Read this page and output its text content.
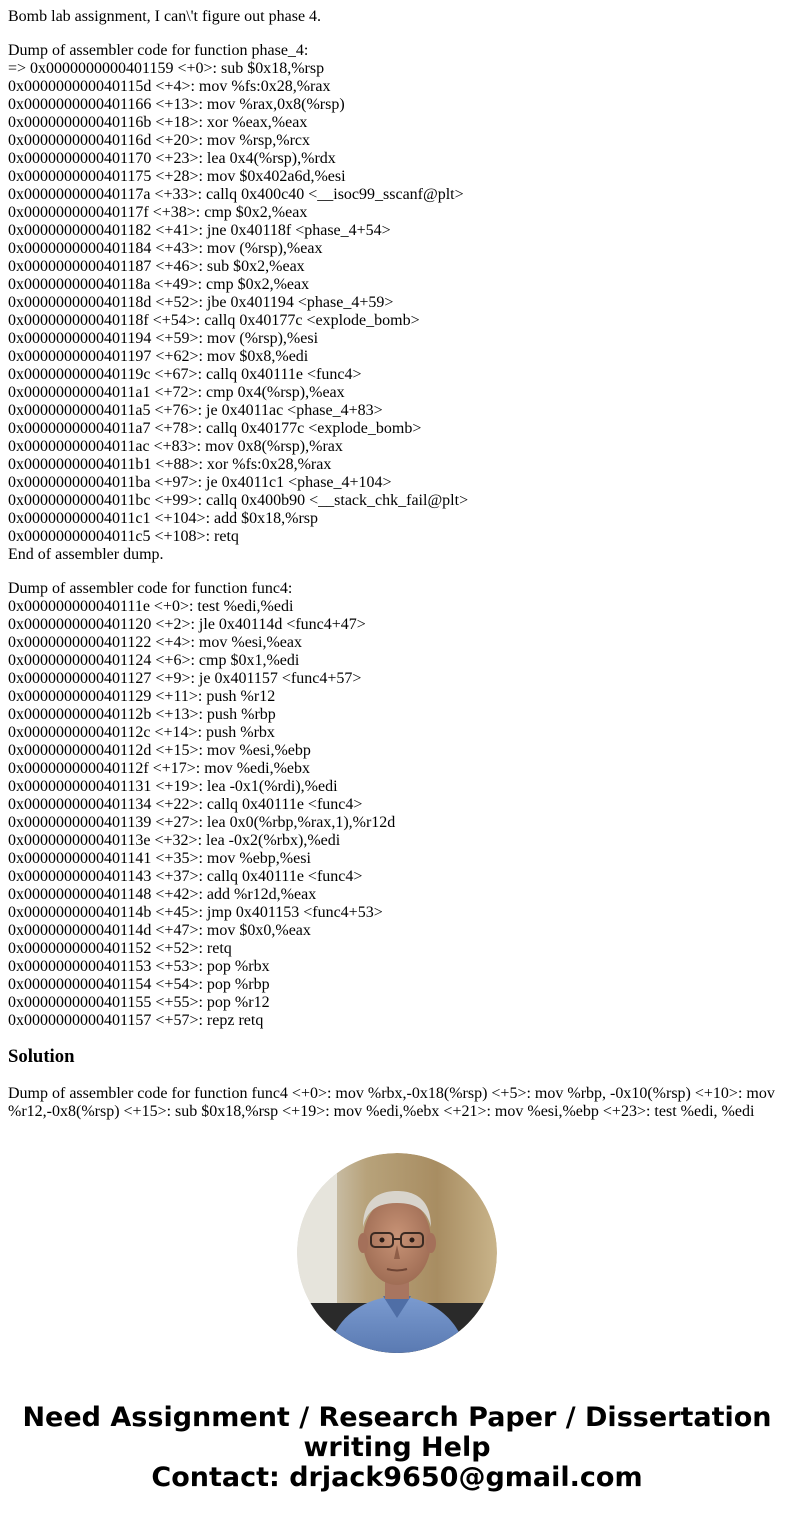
Bomb lab assignment, I can\'t figure out phase 4.

Dump of assembler code for function phase_4:
=> 0x0000000000401159 <+0>: sub $0x18,%rsp
0x000000000040115d <+4>: mov %fs:0x28,%rax
0x0000000000401166 <+13>: mov %rax,0x8(%rsp)
0x000000000040116b <+18>: xor %eax,%eax
0x000000000040116d <+20>: mov %rsp,%rcx
0x0000000000401170 <+23>: lea 0x4(%rsp),%rdx
0x0000000000401175 <+28>: mov $0x402a6d,%esi
0x000000000040117a <+33>: callq 0x400c40 <__isoc99_sscanf@plt>
0x000000000040117f <+38>: cmp $0x2,%eax
0x0000000000401182 <+41>: jne 0x40118f <phase_4+54>
0x0000000000401184 <+43>: mov (%rsp),%eax
0x0000000000401187 <+46>: sub $0x2,%eax
0x000000000040118a <+49>: cmp $0x2,%eax
0x000000000040118d <+52>: jbe 0x401194 <phase_4+59>
0x000000000040118f <+54>: callq 0x40177c <explode_bomb>
0x0000000000401194 <+59>: mov (%rsp),%esi
0x0000000000401197 <+62>: mov $0x8,%edi
0x000000000040119c <+67>: callq 0x40111e <func4>
0x00000000004011a1 <+72>: cmp 0x4(%rsp),%eax
0x00000000004011a5 <+76>: je 0x4011ac <phase_4+83>
0x00000000004011a7 <+78>: callq 0x40177c <explode_bomb>
0x00000000004011ac <+83>: mov 0x8(%rsp),%rax
0x00000000004011b1 <+88>: xor %fs:0x28,%rax
0x00000000004011ba <+97>: je 0x4011c1 <phase_4+104>
0x00000000004011bc <+99>: callq 0x400b90 <__stack_chk_fail@plt>
0x00000000004011c1 <+104>: add $0x18,%rsp
0x00000000004011c5 <+108>: retq
End of assembler dump.
Dump of assembler code for function func4:
0x000000000040111e <+0>: test %edi,%edi
0x0000000000401120 <+2>: jle 0x40114d <func4+47>
0x0000000000401122 <+4>: mov %esi,%eax
0x0000000000401124 <+6>: cmp $0x1,%edi
0x0000000000401127 <+9>: je 0x401157 <func4+57>
0x0000000000401129 <+11>: push %r12
0x000000000040112b <+13>: push %rbp
0x000000000040112c <+14>: push %rbx
0x000000000040112d <+15>: mov %esi,%ebp
0x000000000040112f <+17>: mov %edi,%ebx
0x0000000000401131 <+19>: lea -0x1(%rdi),%edi
0x0000000000401134 <+22>: callq 0x40111e <func4>
0x0000000000401139 <+27>: lea 0x0(%rbp,%rax,1),%r12d
0x000000000040113e <+32>: lea -0x2(%rbx),%edi
0x0000000000401141 <+35>: mov %ebp,%esi
0x0000000000401143 <+37>: callq 0x40111e <func4>
0x0000000000401148 <+42>: add %r12d,%eax
0x000000000040114b <+45>: jmp 0x401153 <func4+53>
0x000000000040114d <+47>: mov $0x0,%eax
0x0000000000401152 <+52>: retq
0x0000000000401153 <+53>: pop %rbx
0x0000000000401154 <+54>: pop %rbp
0x0000000000401155 <+55>: pop %r12
0x0000000000401157 <+57>: repz retq
Solution

Dump of assembler code for function func4 <+0>: mov %rbx,-0x18(%rsp) <+5>: mov %rbp, -0x10(%rsp) <+10>: mov %r12,-0x8(%rsp) <+15>: sub $0x18,%rsp <+19>: mov %edi,%ebx <+21>: mov %esi,%ebp <+23>: test %edi, %edi

Need Assignment / Research Paper / Dissertation
writing Help
Contact: drjack9650@gmail.com
